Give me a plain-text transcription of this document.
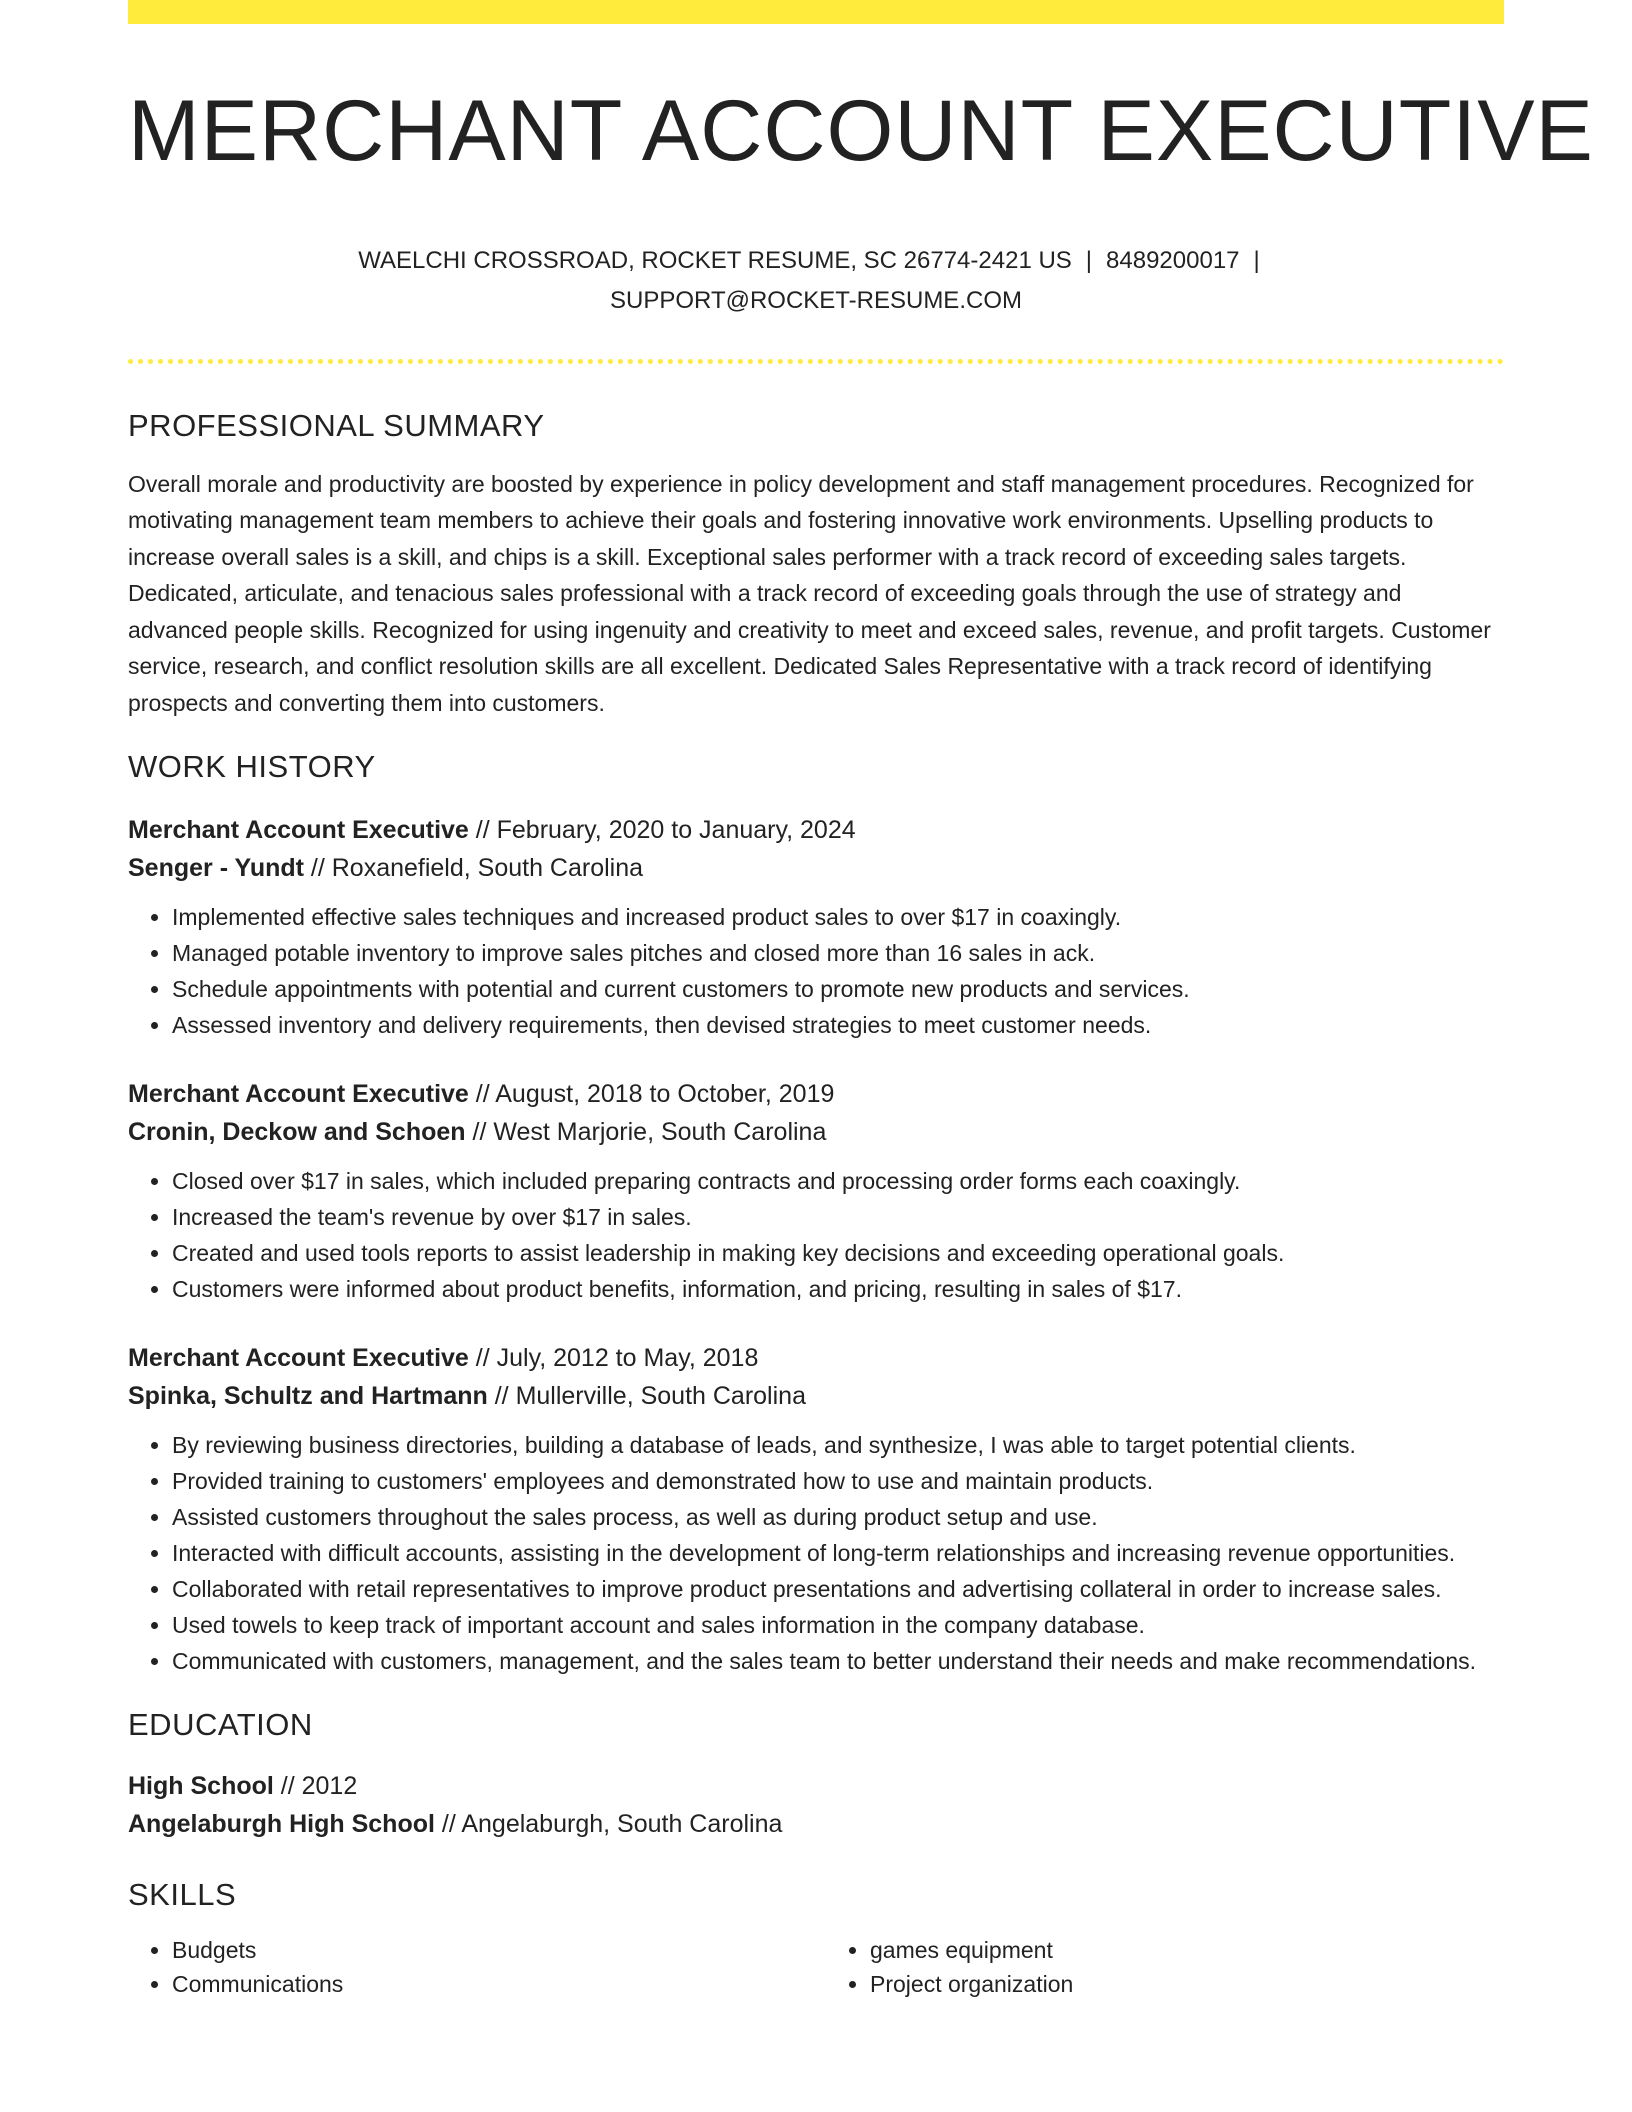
MERCHANT ACCOUNT EXECUTIVE
WAELCHI CROSSROAD, ROCKET RESUME, SC 26774-2421 US | 8489200017 |
SUPPORT@ROCKET-RESUME.COM
PROFESSIONAL SUMMARY

Overall morale and productivity are boosted by experience in policy development and staff management procedures. Recognized for motivating management team members to achieve their goals and fostering innovative work environments. Upselling products to increase overall sales is a skill, and chips is a skill. Exceptional sales performer with a track record of exceeding sales targets. Dedicated, articulate, and tenacious sales professional with a track record of exceeding goals through the use of strategy and advanced people skills. Recognized for using ingenuity and creativity to meet and exceed sales, revenue, and profit targets. Customer service, research, and conflict resolution skills are all excellent. Dedicated Sales Representative with a track record of identifying prospects and converting them into customers.

WORK HISTORY
Merchant Account Executive // February, 2020 to January, 2024
Senger - Yundt // Roxanefield, South Carolina
• Implemented effective sales techniques and increased product sales to over $17 in coaxingly.
• Managed potable inventory to improve sales pitches and closed more than 16 sales in ack.
• Schedule appointments with potential and current customers to promote new products and services.
• Assessed inventory and delivery requirements, then devised strategies to meet customer needs.
Merchant Account Executive // August, 2018 to October, 2019
Cronin, Deckow and Schoen // West Marjorie, South Carolina
• Closed over $17 in sales, which included preparing contracts and processing order forms each coaxingly.
• Increased the team's revenue by over $17 in sales.
• Created and used tools reports to assist leadership in making key decisions and exceeding operational goals.
• Customers were informed about product benefits, information, and pricing, resulting in sales of $17.
Merchant Account Executive // July, 2012 to May, 2018
Spinka, Schultz and Hartmann // Mullerville, South Carolina
• By reviewing business directories, building a database of leads, and synthesize, I was able to target potential clients.
• Provided training to customers' employees and demonstrated how to use and maintain products.
• Assisted customers throughout the sales process, as well as during product setup and use.
• Interacted with difficult accounts, assisting in the development of long-term relationships and increasing revenue opportunities.
• Collaborated with retail representatives to improve product presentations and advertising collateral in order to increase sales.
• Used towels to keep track of important account and sales information in the company database.
• Communicated with customers, management, and the sales team to better understand their needs and make recommendations.
EDUCATION
High School // 2012
Angelaburgh High School // Angelaburgh, South Carolina
SKILLS
• Budgets
• Communications
• games equipment
• Project organization
